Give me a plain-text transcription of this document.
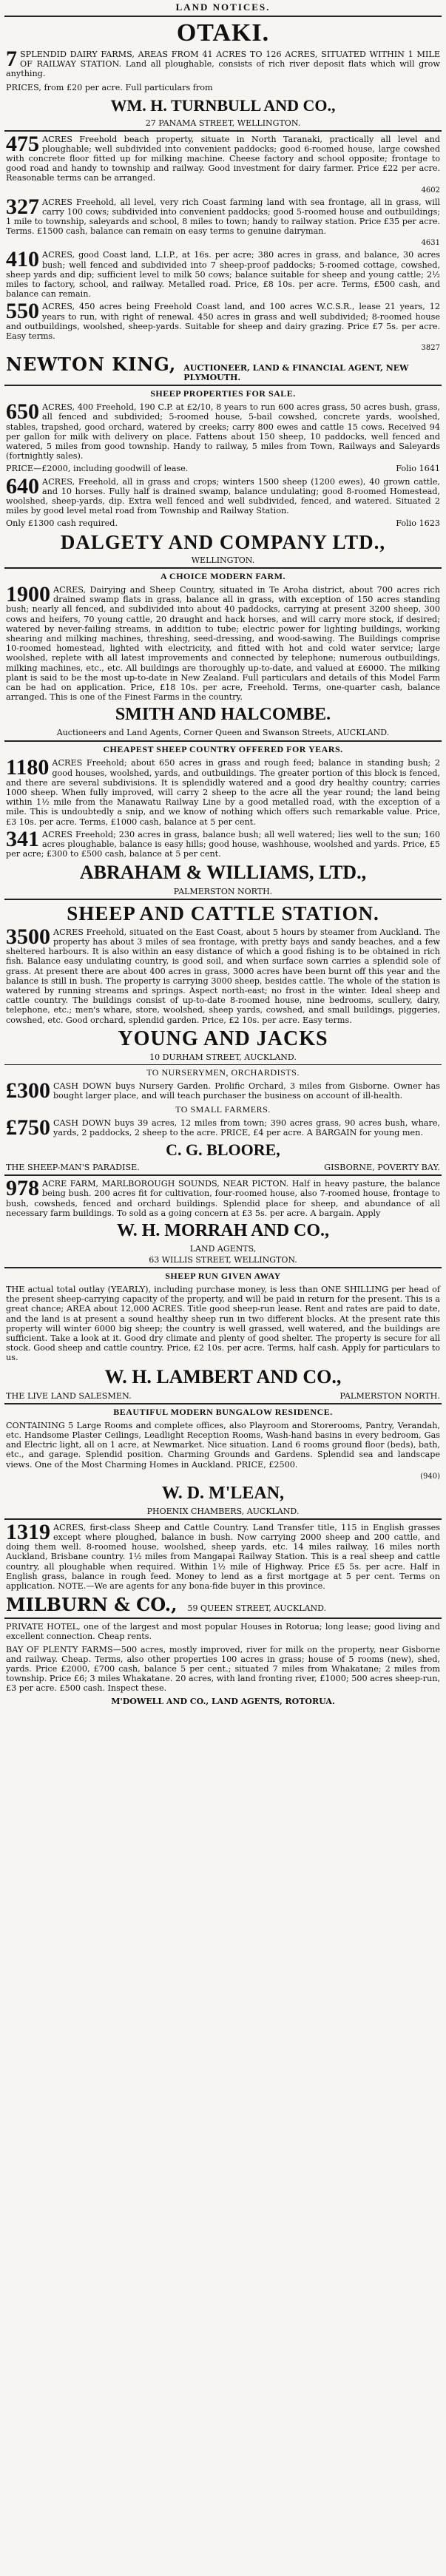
LAND NOTICES.
OTAKI.
7 SPLENDID DAIRY FARMS, AREAS FROM 41 ACRES TO 126 ACRES, SITUATED WITHIN 1 MILE OF RAILWAY STATION. Land all ploughable, consists of rich river deposit flats which will grow anything.
PRICES, from £20 per acre. Full particulars from
WM. H. TURNBULL AND CO.,
27 PANAMA STREET, WELLINGTON.
475 ACRES Freehold beach property, situate in North Taranaki, practically all level and ploughable; well subdivided into convenient paddocks; good 6-roomed house, large cowshed with concrete floor fitted up for milking machine. Cheese factory and school opposite; frontage to good road and handy to township and railway. Good investment for dairy farmer. Price £22 per acre. Reasonable terms can be arranged.
4602
327 ACRES Freehold, all level, very rich Coast farming land with sea frontage, all in grass, will carry 100 cows; subdivided into convenient paddocks; good 5-roomed house and outbuildings; 1 mile to township, saleyards and school, 8 miles to town; handy to railway station. Price £35 per acre. Terms. £1500 cash, balance can remain on easy terms to genuine dairyman.
4631
410 ACRES, good Coast land, L.I.P., at 16s. per acre; 380 acres in grass, and balance, 30 acres bush; well fenced and subdivided into 7 sheep-proof paddocks; 5-roomed cottage, cowshed, sheep yards and dip; sufficient level to milk 50 cows; balance suitable for sheep and young cattle; 2½ miles to factory, school, and railway. Metalled road. Price, £8 10s. per acre. Terms, £500 cash, and balance can remain.
550 ACRES, 450 acres being Freehold Coast land, and 100 acres W.C.S.R., lease 21 years, 12 years to run, with right of renewal. 450 acres in grass and well subdivided; 8-roomed house and outbuildings, woolshed, sheep-yards. Suitable for sheep and dairy grazing. Price £7 5s. per acre. Easy terms.
3827
NEWTON KING, AUCTIONEER, LAND & FINANCIAL AGENT, NEW PLYMOUTH.
SHEEP PROPERTIES FOR SALE.
650 ACRES, 400 Freehold, 190 C.P. at £2/10, 8 years to run 600 acres grass, 50 acres bush, grass, all fenced and subdivided; 5-roomed house, 5-bail cowshed, concrete yards, woolshed, stables, trapshed, good orchard, watered by creeks; carry 800 ewes and cattle 15 cows. Received 94 per gallon for milk with delivery on place. Fattens about 150 sheep, 10 paddocks, well fenced and watered, 5 miles from good township. Handy to railway, 5 miles from Town, Railways and Saleyards (fortnightly sales).
PRICE—£2000, including goodwill of lease.	Folio 1641
640 ACRES, Freehold, all in grass and crops; winters 1500 sheep (1200 ewes), 40 grown cattle, and 10 horses. Fully half is drained swamp, balance undulating; good 8-roomed Homestead, woolshed, sheep-yards, dip. Extra well fenced and well subdivided, fenced, and watered. Situated 2 miles by good level metal road from Township and Railway Station.
Only £1300 cash required.	Folio 1623
DALGETY AND COMPANY LTD.,
WELLINGTON.
A CHOICE MODERN FARM.
1900 ACRES, Dairying and Sheep Country, situated in Te Aroha district, about 700 acres rich drained swamp flats in grass, balance all in grass, with exception of 150 acres standing bush; nearly all fenced, and subdivided into about 40 paddocks, carrying at present 3200 sheep, 300 cows and heifers, 70 young cattle, 20 draught and hack horses, and will carry more stock, if desired; watered by never-failing streams, in addition to tube; electric power for lighting buildings, working shearing and milking machines, threshing, seed-dressing, and wood-sawing. The Buildings comprise 10-roomed homestead, lighted with electricity, and fitted with hot and cold water service; large woolshed, replete with all latest improvements and connected by telephone; numerous outbuildings, milking machines, etc., etc. All buildings are thoroughly up-to-date, and valued at £6000. The milking plant is said to be the most up-to-date in New Zealand. Full particulars and details of this Model Farm can be had on application. Price, £18 10s. per acre, Freehold. Terms, one-quarter cash, balance arranged. This is one of the Finest Farms in the country.
SMITH AND HALCOMBE.
Auctioneers and Land Agents, Corner Queen and Swanson Streets, AUCKLAND.
CHEAPEST SHEEP COUNTRY OFFERED FOR YEARS.
1180 ACRES Freehold; about 650 acres in grass and rough feed; balance in standing bush; 2 good houses, woolshed, yards, and outbuildings. The greater portion of this block is fenced, and there are several subdivisions. It is splendidly watered and a good dry healthy country; carries 1000 sheep. When fully improved, will carry 2 sheep to the acre all the year round; the land being within 1½ mile from the Manawatu Railway Line by a good metalled road, with the exception of a mile. This is undoubtedly a snip, and we know of nothing which offers such remarkable value. Price, £3 10s. per acre. Terms, £1000 cash, balance at 5 per cent.
341 ACRES Freehold; 230 acres in grass, balance bush; all well watered; lies well to the sun; 160 acres ploughable, balance is easy hills; good house, washhouse, woolshed and yards. Price, £5 per acre; £300 to £500 cash, balance at 5 per cent.
ABRAHAM & WILLIAMS, LTD.,
PALMERSTON NORTH.
SHEEP AND CATTLE STATION.
3500 ACRES Freehold, situated on the East Coast, about 5 hours by steamer from Auckland. The property has about 3 miles of sea frontage, with pretty bays and sandy beaches, and a few sheltered harbours. It is also within an easy distance of which a good fishing is to be obtained in rich fish. Balance easy undulating country, is good soil, and when surface sown carries a splendid sole of grass. At present there are about 400 acres in grass, 3000 acres have been burnt off this year and the balance is still in bush. The property is carrying 3000 sheep, besides cattle. The whole of the station is watered by running streams and springs. Aspect north-east; no frost in the winter. Ideal sheep and cattle country. The buildings consist of up-to-date 8-roomed house, nine bedrooms, scullery, dairy, telephone, etc.; men's whare, store, woolshed, sheep yards, cowshed, and small buildings, piggeries, cowshed, etc. Good orchard, splendid garden. Price, £2 10s. per acre. Easy terms.
YOUNG AND JACKS
10 DURHAM STREET, AUCKLAND.
TO NURSERYMEN, ORCHARDISTS.
£300 CASH DOWN buys Nursery Garden. Prolific Orchard, 3 miles from Gisborne. Owner has bought larger place, and will teach purchaser the business on account of ill-health.
TO SMALL FARMERS.
£750 CASH DOWN buys 39 acres, 12 miles from town; 390 acres grass, 90 acres bush, whare, yards, 2 paddocks, 2 sheep to the acre. PRICE, £4 per acre. A BARGAIN for young men.
C. G. BLOORE,
THE SHEEP-MAN'S PARADISE.	GISBORNE, POVERTY BAY.
978 ACRE FARM, MARLBOROUGH SOUNDS, NEAR PICTON. Half in heavy pasture, the balance being bush. 200 acres fit for cultivation, four-roomed house, also 7-roomed house, frontage to bush, cowsheds, fenced and orchard buildings. Splendid place for sheep, and abundance of all necessary farm buildings. To sold as a going concern at £3 5s. per acre. A bargain. Apply
W. H. MORRAH AND CO.,
LAND AGENTS,
63 WILLIS STREET, WELLINGTON.
SHEEP RUN GIVEN AWAY
THE actual total outlay (YEARLY), including purchase money, is less than ONE SHILLING per head of the present sheep-carrying capacity of the property, and will be paid in return for the present. This is a great chance; AREA about 12,000 ACRES. Title good sheep-run lease. Rent and rates are paid to date, and the land is at present a sound healthy sheep run in two different blocks. At the present rate this property will winter 6000 big sheep; the country is well grassed, well watered, and the buildings are sufficient. Take a look at it. Good dry climate and plenty of good shelter. The property is secure for all stock. Good sheep and cattle country. Price, £2 10s. per acre. Terms, half cash. Apply for particulars to us.
W. H. LAMBERT AND CO.,
THE LIVE LAND SALESMEN.	PALMERSTON NORTH.
BEAUTIFUL MODERN BUNGALOW RESIDENCE.
CONTAINING 5 Large Rooms and complete offices, also Playroom and Storerooms, Pantry, Verandah, etc. Handsome Plaster Ceilings, Leadlight Reception Rooms, Wash-hand basins in every bedroom, Gas and Electric light, all on 1 acre, at Newmarket. Nice situation. Land 6 rooms ground floor (beds), bath, etc., and garage. Splendid position. Charming Grounds and Gardens. Splendid sea and landscape views. One of the Most Charming Homes in Auckland. PRICE, £2500.
(940)
W. D. M'LEAN,
PHOENIX CHAMBERS, AUCKLAND.
1319 ACRES, first-class Sheep and Cattle Country. Land Transfer title, 115 in English grasses except where ploughed, balance in bush. Now carrying 2000 sheep and 200 cattle, and doing them well. 8-roomed house, woolshed, sheep yards, etc. 14 miles railway, 16 miles north Auckland, Brisbane country. 1½ miles from Mangapai Railway Station. This is a real sheep and cattle country, all ploughable when required. Within 1½ mile of Highway. Price £5 5s. per acre. Half in English grass, balance in rough feed. Money to lend as a first mortgage at 5 per cent. Terms on application. NOTE.—We are agents for any bona-fide buyer in this province.
MILBURN & CO., 59 QUEEN STREET, AUCKLAND.
PRIVATE HOTEL, one of the largest and most popular Houses in Rotorua; long lease; good living and excellent connection. Cheap rents.
BAY OF PLENTY FARMS—500 acres, mostly improved, river for milk on the property, near Gisborne and railway. Cheap. Terms, also other properties 100 acres in grass; house of 5 rooms (new), shed, yards. Price £2000, £700 cash, balance 5 per cent.; situated 7 miles from Whakatane; 2 miles from township. Price £6; 3 miles Whakatane. 20 acres, with land fronting river, £1000; 500 acres sheep-run, £3 per acre. £500 cash. Inspect these.
M'DOWELL AND CO., LAND AGENTS, ROTORUA.
